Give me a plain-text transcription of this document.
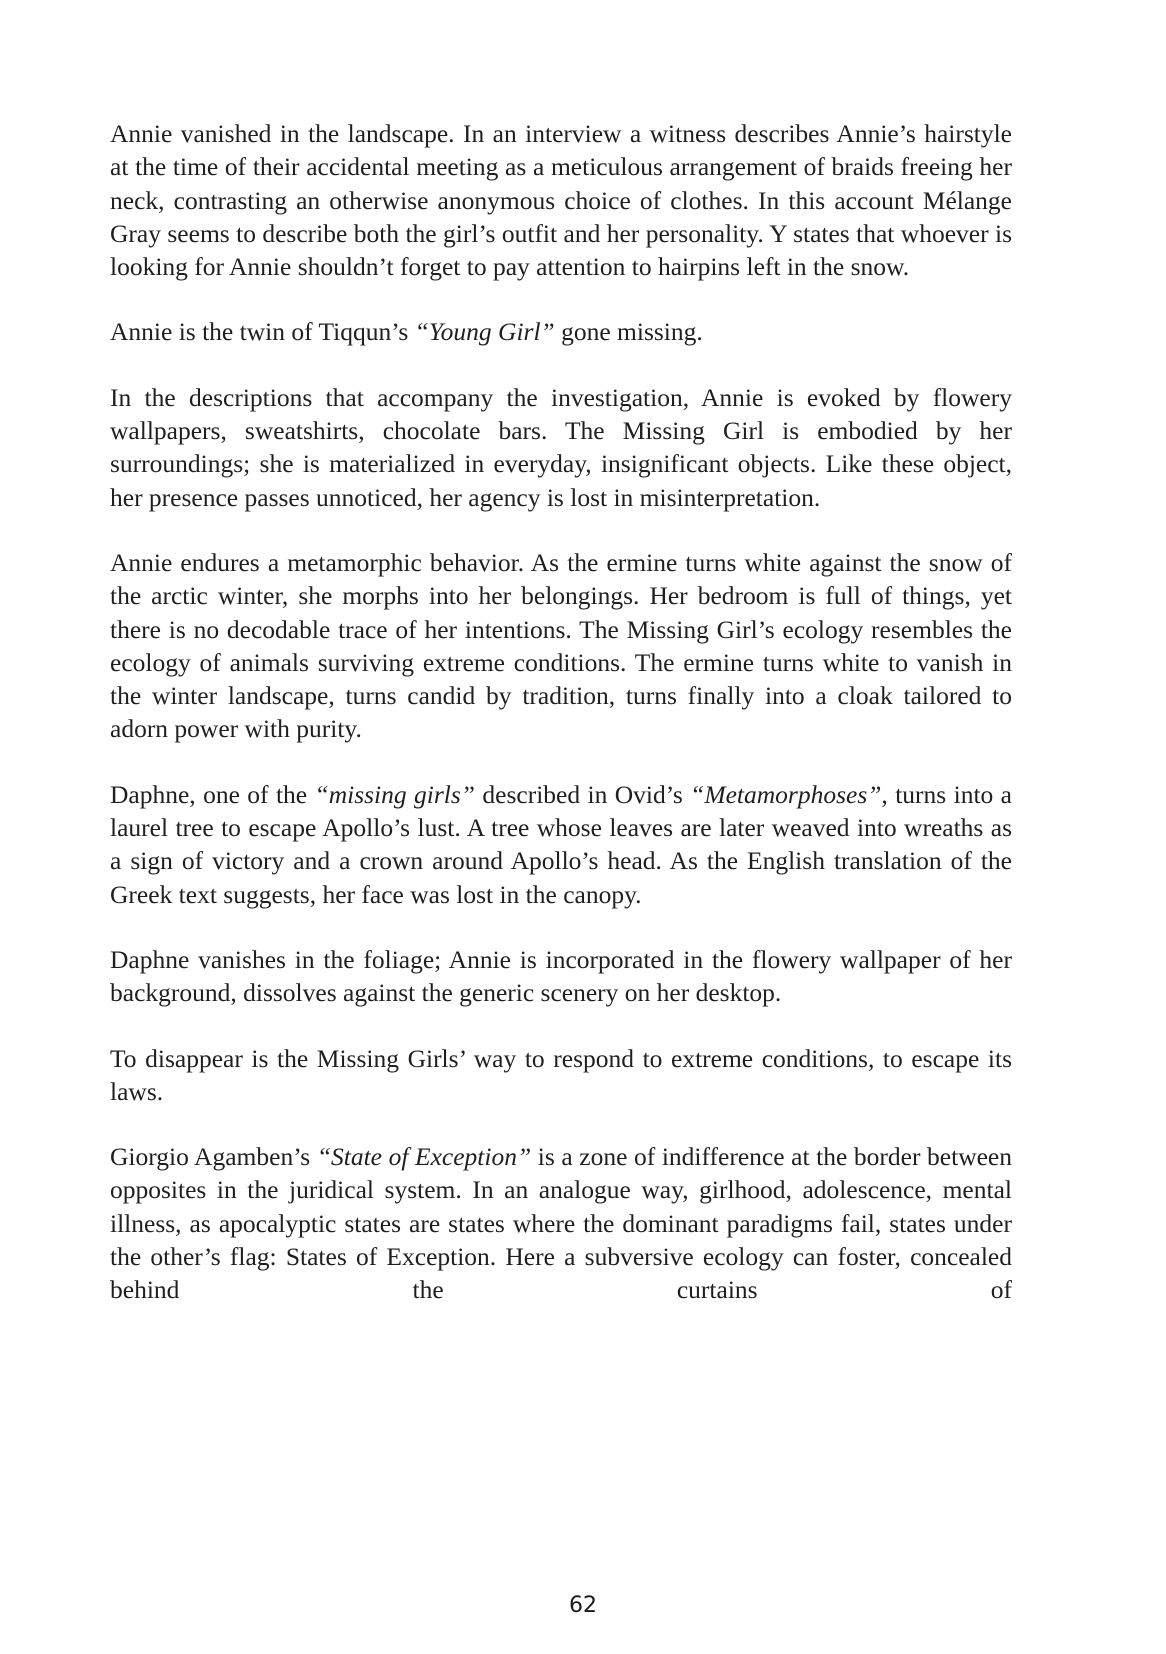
Annie vanished in the landscape. In an interview a witness describes Annie’s hairstyle at the time of their accidental meeting as a meticulous arrangement of braids freeing her neck, contrasting an otherwise anonymous choice of clothes. In this account Mélange Gray seems to describe both the girl’s outfit and her personality. Y states that whoever is looking for Annie shouldn’t forget to pay attention to hairpins left in the snow.

Annie is the twin of Tiqqun’s “Young Girl” gone missing.

In the descriptions that accompany the investigation, Annie is evoked by flowery wallpapers, sweatshirts, chocolate bars. The Missing Girl is embodied by her surroundings; she is materialized in everyday, insignificant objects. Like these object, her presence passes unnoticed, her agency is lost in misinterpretation.

Annie endures a metamorphic behavior. As the ermine turns white against the snow of the arctic winter, she morphs into her belongings. Her bedroom is full of things, yet there is no decodable trace of her intentions. The Missing Girl’s ecology resembles the ecology of animals surviving extreme conditions. The ermine turns white to vanish in the winter landscape, turns candid by tradition, turns finally into a cloak tailored to adorn power with purity.

Daphne, one of the “missing girls” described in Ovid’s “Metamorphoses”, turns into a laurel tree to escape Apollo’s lust. A tree whose leaves are later weaved into wreaths as a sign of victory and a crown around Apollo’s head. As the English translation of the Greek text suggests, her face was lost in the canopy.

Daphne vanishes in the foliage; Annie is incorporated in the flowery wallpaper of her background, dissolves against the generic scenery on her desktop.

To disappear is the Missing Girls’ way to respond to extreme conditions, to escape its laws.

Giorgio Agamben’s “State of Exception” is a zone of indifference at the border between opposites in the juridical system. In an analogue way, girlhood, adolescence, mental illness, as apocalyptic states are states where the dominant paradigms fail, states under the other’s flag: States of Exception. Here a subversive ecology can foster, concealed behind the curtains of

62
